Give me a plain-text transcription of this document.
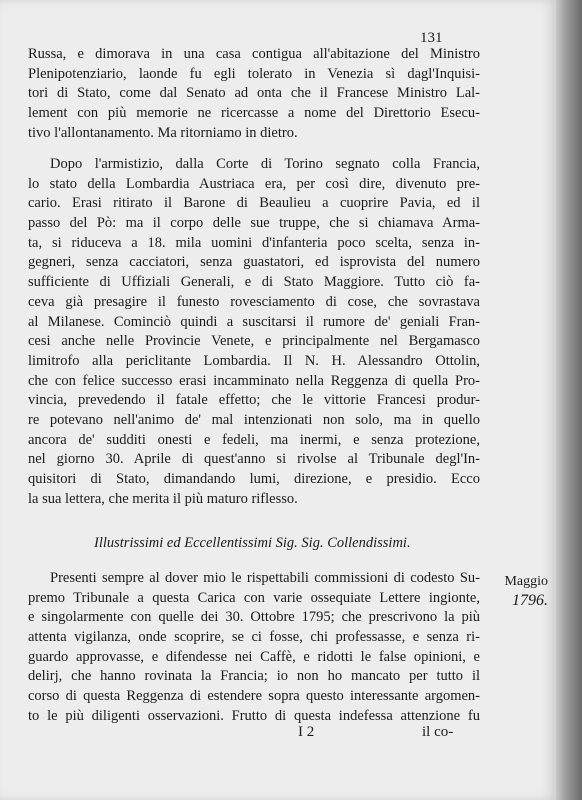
131
Russa, e dimorava in una casa contigua all'abitazione del Ministro
Plenipotenziario, laonde fu egli tolerato in Venezia sì dagl'Inquisi-
tori di Stato, come dal Senato ad onta che il Francese Ministro Lal-
lement con più memorie ne ricercasse a nome del Direttorio Esecu-
tivo l'allontanamento. Ma ritorniamo in dietro.
Dopo l'armistizio, dalla Corte di Torino segnato colla Francia,
lo stato della Lombardia Austriaca era, per così dire, divenuto pre-
cario. Erasi ritirato il Barone di Beaulieu a cuoprire Pavia, ed il
passo del Pò: ma il corpo delle sue truppe, che si chiamava Arma-
ta, si riduceva a 18. mila uomini d'infanteria poco scelta, senza in-
gegneri, senza cacciatori, senza guastatori, ed isprovista del numero
sufficiente di Uffiziali Generali, e di Stato Maggiore. Tutto ciò fa-
ceva già presagire il funesto rovesciamento di cose, che sovrastava
al Milanese. Cominciò quindi a suscitarsi il rumore de' geniali Fran-
cesi anche nelle Provincie Venete, e principalmente nel Bergamasco
limitrofo alla periclitante Lombardia. Il N. H. Alessandro Ottolin,
che con felice successo erasi incamminato nella Reggenza di quella Pro-
vincia, prevedendo il fatale effetto; che le vittorie Francesi produr-
re potevano nell'animo de' mal intenzionati non solo, ma in quello
ancora de' sudditi onesti e fedeli, ma inermi, e senza protezione,
nel giorno 30. Aprile di quest'anno si rivolse al Tribunale degl'In-
quisitori di Stato, dimandando lumi, direzione, e presidio. Ecco
la sua lettera, che merita il più maturo riflesso.
Illustrissimi ed Eccellentissimi Sig. Sig. Collendissimi.
Presenti sempre al dover mio le rispettabili commissioni di codesto Su-
premo Tribunale a questa Carica con varie ossequiate Lettere ingionte,
e singolarmente con quelle dei 30. Ottobre 1795; che prescrivono la più
attenta vigilanza, onde scoprire, se ci fosse, chi professasse, e senza ri-
guardo approvasse, e difendesse nei Caffè, e ridotti le false opinioni, e
delirj, che hanno rovinata la Francia; io non ho mancato per tutto il
corso di questa Reggenza di estendere sopra questo interessante argomen-
to le più diligenti osservazioni. Frutto di questa indefessa attenzione fu
Maggio
1796.
I 2	il co-
